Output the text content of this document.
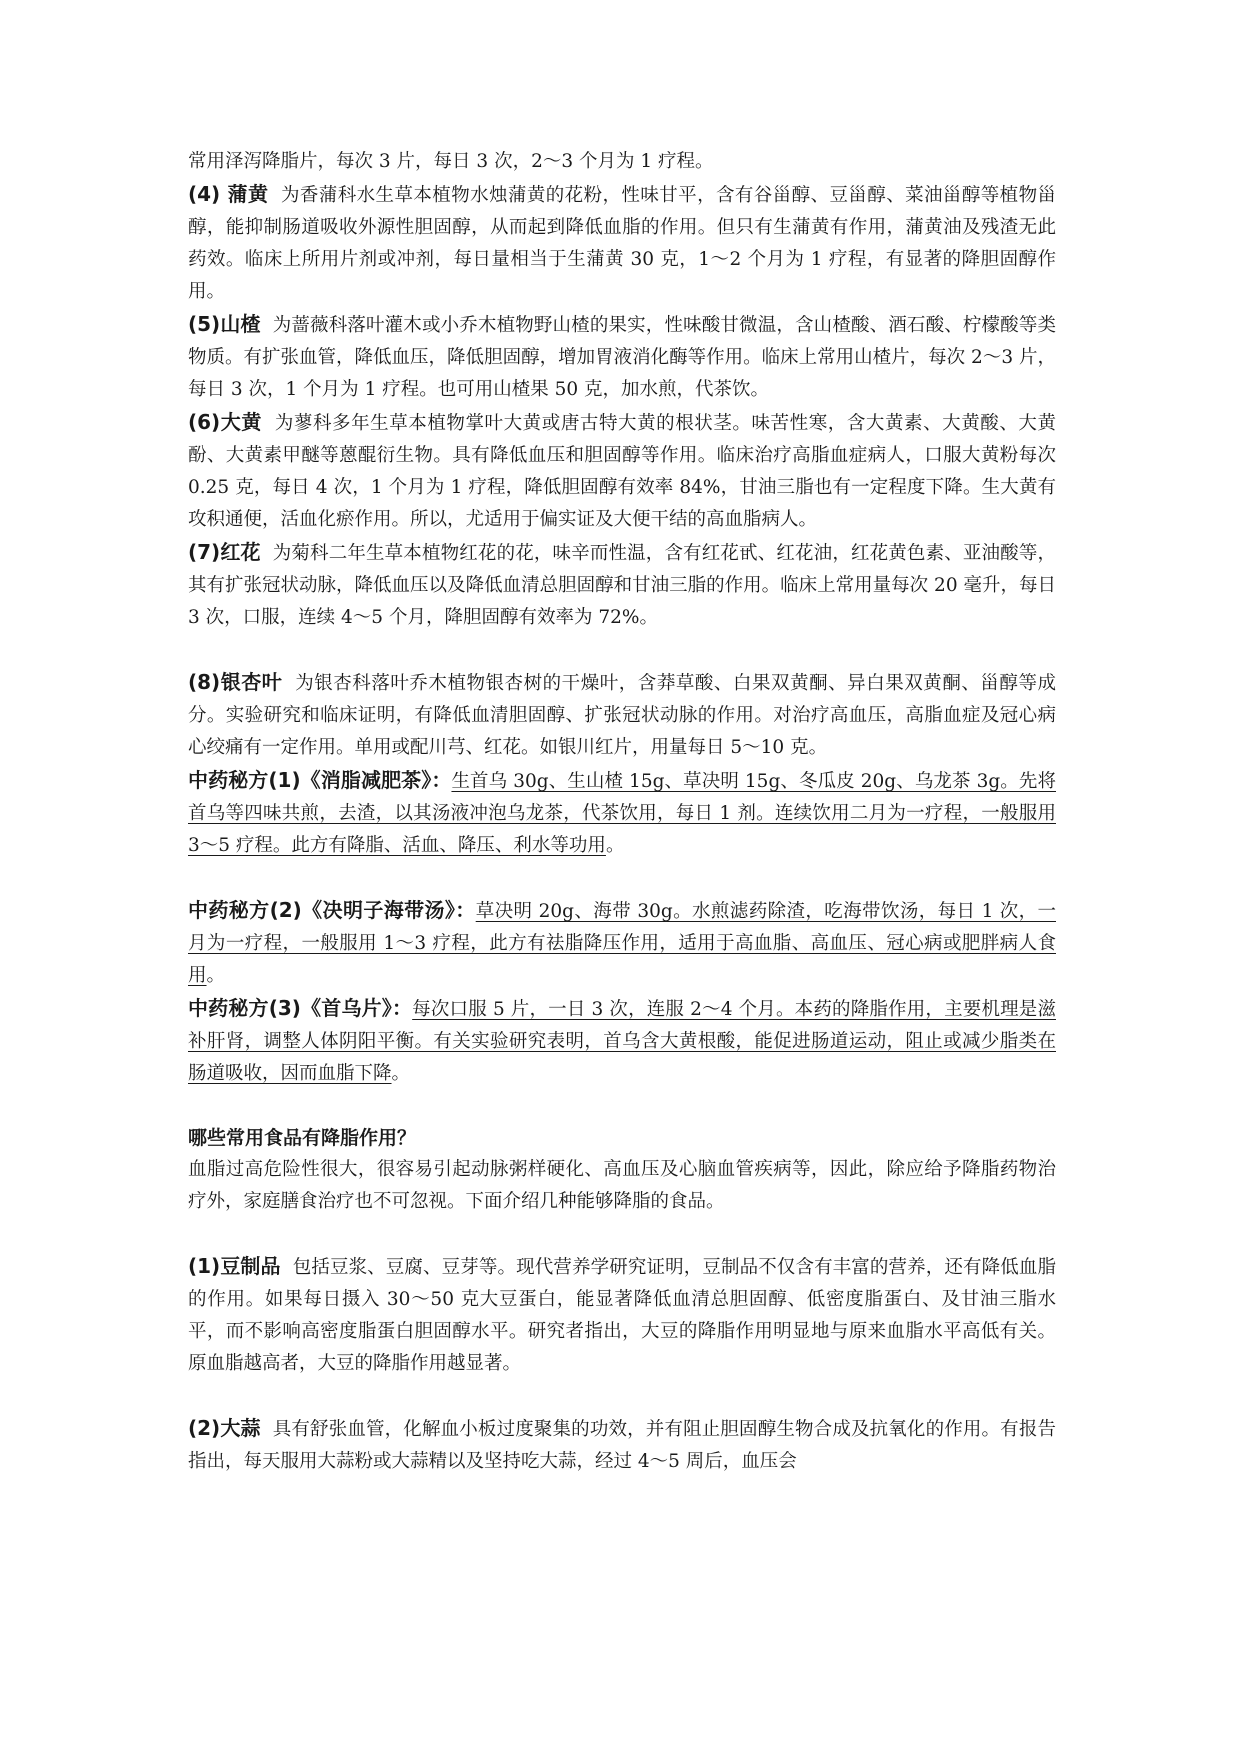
常用泽泻降脂片，每次 3 片，每日 3 次，2～3 个月为 1 疗程。

(4) 蒲黄 为香蒲科水生草本植物水烛蒲黄的花粉，性味甘平，含有谷甾醇、豆甾醇、菜油甾醇等植物甾醇，能抑制肠道吸收外源性胆固醇，从而起到降低血脂的作用。但只有生蒲黄有作用，蒲黄油及残渣无此药效。临床上所用片剂或冲剂，每日量相当于生蒲黄 30 克，1～2 个月为 1 疗程，有显著的降胆固醇作用。

(5)山楂 为蔷薇科落叶灌木或小乔木植物野山楂的果实，性味酸甘微温，含山楂酸、酒石酸、柠檬酸等类物质。有扩张血管，降低血压，降低胆固醇，增加胃液消化酶等作用。临床上常用山楂片，每次 2～3 片，每日 3 次，1 个月为 1 疗程。也可用山楂果 50 克，加水煎，代茶饮。

(6)大黄 为蓼科多年生草本植物掌叶大黄或唐古特大黄的根状茎。味苦性寒，含大黄素、大黄酸、大黄酚、大黄素甲醚等蒽醌衍生物。具有降低血压和胆固醇等作用。临床治疗高脂血症病人，口服大黄粉每次 0.25 克，每日 4 次，1 个月为 1 疗程，降低胆固醇有效率 84%，甘油三脂也有一定程度下降。生大黄有攻积通便，活血化瘀作用。所以，尤适用于偏实证及大便干结的高血脂病人。

(7)红花 为菊科二年生草本植物红花的花，味辛而性温，含有红花甙、红花油，红花黄色素、亚油酸等，其有扩张冠状动脉，降低血压以及降低血清总胆固醇和甘油三脂的作用。临床上常用量每次 20 毫升，每日 3 次，口服，连续 4～5 个月，降胆固醇有效率为 72%。

(8)银杏叶 为银杏科落叶乔木植物银杏树的干燥叶，含莽草酸、白果双黄酮、异白果双黄酮、甾醇等成分。实验研究和临床证明，有降低血清胆固醇、扩张冠状动脉的作用。对治疗高血压，高脂血症及冠心病心绞痛有一定作用。单用或配川芎、红花。如银川红片，用量每日 5～10 克。

中药秘方(1)《消脂减肥茶》：生首乌 30g、生山楂 15g、草决明 15g、冬瓜皮 20g、乌龙茶 3g。先将首乌等四味共煎，去渣，以其汤液冲泡乌龙茶，代茶饮用，每日 1 剂。连续饮用二月为一疗程，一般服用 3～5 疗程。此方有降脂、活血、降压、利水等功用。

中药秘方(2)《决明子海带汤》：草决明 20g、海带 30g。水煎滤药除渣，吃海带饮汤，每日 1 次，一月为一疗程，一般服用 1～3 疗程，此方有祛脂降压作用，适用于高血脂、高血压、冠心病或肥胖病人食用。

中药秘方(3)《首乌片》：每次口服 5 片，一日 3 次，连服 2～4 个月。本药的降脂作用，主要机理是滋补肝肾，调整人体阴阳平衡。有关实验研究表明，首乌含大黄根酸，能促进肠道运动，阻止或减少脂类在肠道吸收，因而血脂下降。

哪些常用食品有降脂作用？

血脂过高危险性很大，很容易引起动脉粥样硬化、高血压及心脑血管疾病等，因此，除应给予降脂药物治疗外，家庭膳食治疗也不可忽视。下面介绍几种能够降脂的食品。

(1)豆制品 包括豆浆、豆腐、豆芽等。现代营养学研究证明，豆制品不仅含有丰富的营养，还有降低血脂的作用。如果每日摄入 30～50 克大豆蛋白，能显著降低血清总胆固醇、低密度脂蛋白、及甘油三脂水平，而不影响高密度脂蛋白胆固醇水平。研究者指出，大豆的降脂作用明显地与原来血脂水平高低有关。原血脂越高者，大豆的降脂作用越显著。

(2)大蒜 具有舒张血管，化解血小板过度聚集的功效，并有阻止胆固醇生物合成及抗氧化的作用。有报告指出，每天服用大蒜粉或大蒜精以及坚持吃大蒜，经过 4～5 周后，血压会
